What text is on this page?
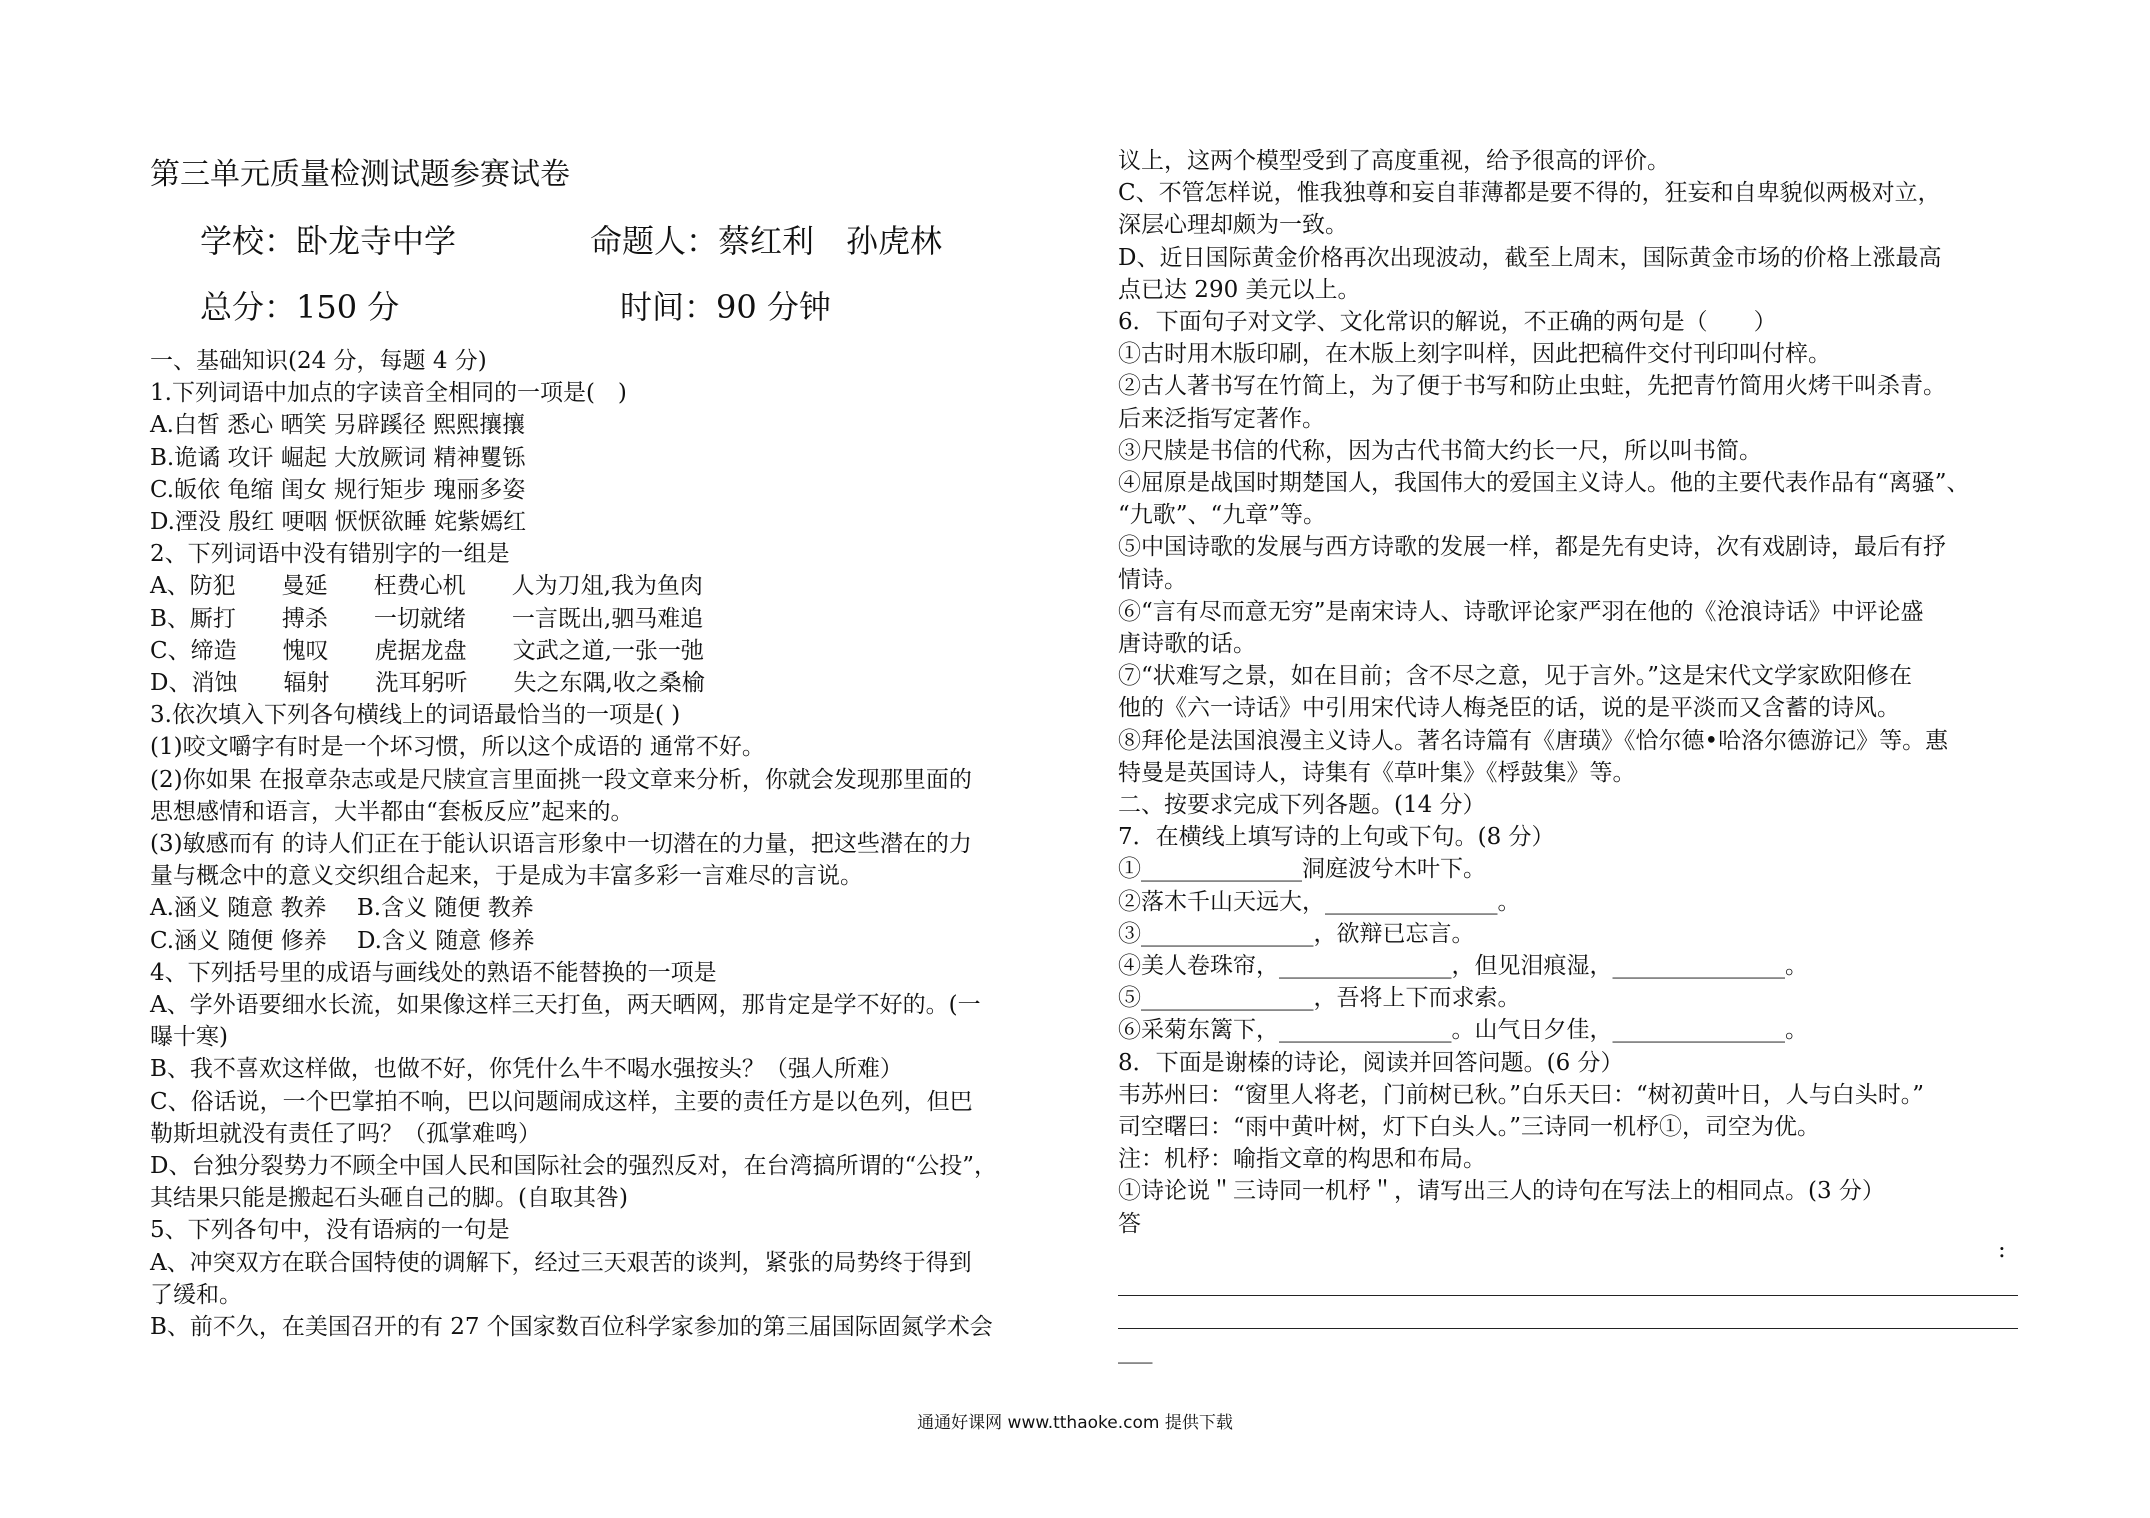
第三单元质量检测试题参赛试卷
学校：卧龙寺中学	命题人：蔡红利　孙虎林
总分：150 分	时间：90 分钟
一、基础知识(24 分，每题 4 分)
1.下列词语中加点的字读音全相同的一项是(　)
A.白皙 悉心 晒笑 另辟蹊径 熙熙攘攘
B.诡谲 攻讦 崛起 大放厥词 精神矍铄
C.皈依 龟缩 闺女 规行矩步 瑰丽多姿
D.湮没 殷红 哽咽 恹恹欲睡 姹紫嫣红
2、下列词语中没有错别字的一组是
A、防犯　　曼延　　枉费心机　　人为刀俎,我为鱼肉
B、厮打　　搏杀　　一切就绪　　一言既出,驷马难追
C、缔造　　愧叹　　虎据龙盘　　文武之道,一张一弛
D、消蚀　　辐射　　洗耳躬听　　失之东隅,收之桑榆
3.依次填入下列各句横线上的词语最恰当的一项是( )
(1)咬文嚼字有时是一个坏习惯，所以这个成语的 通常不好。
(2)你如果 在报章杂志或是尺牍宣言里面挑一段文章来分析，你就会发现那里面的
思想感情和语言，大半都由“套板反应”起来的。
(3)敏感而有 的诗人们正在于能认识语言形象中一切潜在的力量，把这些潜在的力
量与概念中的意义交织组合起来，于是成为丰富多彩一言难尽的言说。
A.涵义 随意 教养　 B.含义 随便 教养
C.涵义 随便 修养　 D.含义 随意 修养
4、下列括号里的成语与画线处的熟语不能替换的一项是
A、学外语要细水长流，如果像这样三天打鱼，两天晒网，那肯定是学不好的。(一
曝十寒)
B、我不喜欢这样做，也做不好，你凭什么牛不喝水强按头？（强人所难）
C、俗话说，一个巴掌拍不响，巴以问题闹成这样，主要的责任方是以色列，但巴
勒斯坦就没有责任了吗？（孤掌难鸣）
D、台独分裂势力不顾全中国人民和国际社会的强烈反对，在台湾搞所谓的“公投”，
其结果只能是搬起石头砸自己的脚。(自取其咎)
5、下列各句中，没有语病的一句是
A、冲突双方在联合国特使的调解下，经过三天艰苦的谈判，紧张的局势终于得到
了缓和。
B、前不久，在美国召开的有 27 个国家数百位科学家参加的第三届国际固氮学术会
议上，这两个模型受到了高度重视，给予很高的评价。
C、不管怎样说，惟我独尊和妄自菲薄都是要不得的，狂妄和自卑貌似两极对立，
深层心理却颇为一致。
D、近日国际黄金价格再次出现波动，截至上周末，国际黄金市场的价格上涨最高
点已达 290 美元以上。
6．下面句子对文学、文化常识的解说，不正确的两句是（　　）
①古时用木版印刷，在木版上刻字叫样，因此把稿件交付刊印叫付梓。
②古人著书写在竹简上，为了便于书写和防止虫蛀，先把青竹简用火烤干叫杀青。
后来泛指写定著作。
③尺牍是书信的代称，因为古代书简大约长一尺，所以叫书简。
④屈原是战国时期楚国人，我国伟大的爱国主义诗人。他的主要代表作品有“离骚”、
“九歌”、“九章”等。
⑤中国诗歌的发展与西方诗歌的发展一样，都是先有史诗，次有戏剧诗，最后有抒
情诗。
⑥“言有尽而意无穷”是南宋诗人、诗歌评论家严羽在他的《沧浪诗话》中评论盛
唐诗歌的话。
⑦“状难写之景，如在目前；含不尽之意，见于言外。”这是宋代文学家欧阳修在
他的《六一诗话》中引用宋代诗人梅尧臣的话，说的是平淡而又含蓄的诗风。
⑧拜伦是法国浪漫主义诗人。著名诗篇有《唐璜》《恰尔德•哈洛尔德游记》等。惠
特曼是英国诗人，诗集有《草叶集》《桴鼓集》等。
二、按要求完成下列各题。(14 分）
7．在横线上填写诗的上句或下句。(8 分）
①______________洞庭波兮木叶下。
②落木千山天远大，_______________。
③_______________，欲辩已忘言。
④美人卷珠帘，_______________，但见泪痕湿，_______________。
⑤_______________，吾将上下而求索。
⑥采菊东篱下，_______________。山气日夕佳，_______________。
8．下面是谢榛的诗论，阅读并回答问题。(6 分）
韦苏州曰：“窗里人将老，门前树已秋。”白乐天曰：“树初黄叶日，人与白头时。”
司空曙曰：“雨中黄叶树，灯下白头人。”三诗同一机杼①，司空为优。
注：机杼：喻指文章的构思和布局。
①诗论说＂三诗同一机杼＂，请写出三人的诗句在写法上的相同点。(3 分）
答
:
___
通通好课网 www.tthaoke.com 提供下载
